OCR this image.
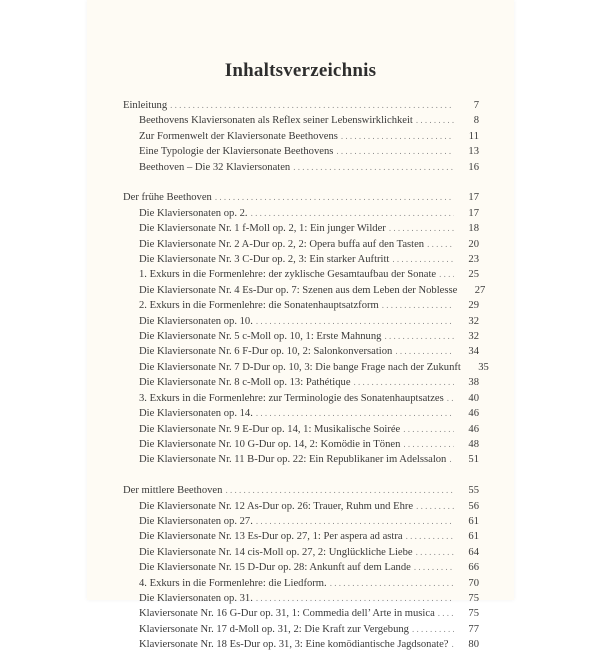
Inhaltsverzeichnis
Einleitung . . .	7
Beethovens Klaviersonaten als Reflex seiner Lebenswirklichkeit . . .	8
Zur Formenwelt der Klaviersonate Beethovens . . .	11
Eine Typologie der Klaviersonate Beethovens . . .	13
Beethoven – Die 32 Klaviersonaten . . .	16
Der frühe Beethoven . . .	17
Die Klaviersonaten op. 2. . . .	17
Die Klaviersonate Nr. 1 f-Moll op. 2, 1: Ein junger Wilder . . .	18
Die Klaviersonate Nr. 2 A-Dur op. 2, 2: Opera buffa auf den Tasten . . .	20
Die Klaviersonate Nr. 3 C-Dur op. 2, 3: Ein starker Auftritt . . .	23
1. Exkurs in die Formenlehre: der zyklische Gesamtaufbau der Sonate . . .	25
Die Klaviersonate Nr. 4 Es-Dur op. 7: Szenen aus dem Leben der Noblesse	27
2. Exkurs in die Formenlehre: die Sonatenhauptsatzform . . .	29
Die Klaviersonaten op. 10. . . .	32
Die Klaviersonate Nr. 5 c-Moll op. 10, 1: Erste Mahnung . . .	32
Die Klaviersonate Nr. 6 F-Dur op. 10, 2: Salonkonversation . . .	34
Die Klaviersonate Nr. 7 D-Dur op. 10, 3: Die bange Frage nach der Zukunft	35
Die Klaviersonate Nr. 8 c-Moll op. 13: Pathétique . . .	38
3. Exkurs in die Formenlehre: zur Terminologie des Sonatenhauptsatzes . . .	40
Die Klaviersonaten op. 14. . . .	46
Die Klaviersonate Nr. 9 E-Dur op. 14, 1: Musikalische Soirée . . .	46
Die Klaviersonate Nr. 10 G-Dur op. 14, 2: Komödie in Tönen . . .	48
Die Klaviersonate Nr. 11 B-Dur op. 22: Ein Republikaner im Adelssalon . . .	51
Der mittlere Beethoven . . .	55
Die Klaviersonate Nr. 12 As-Dur op. 26: Trauer, Ruhm und Ehre . . .	56
Die Klaviersonaten op. 27. . . .	61
Die Klaviersonate Nr. 13 Es-Dur op. 27, 1: Per aspera ad astra . . .	61
Die Klaviersonate Nr. 14 cis-Moll op. 27, 2: Unglückliche Liebe . . .	64
Die Klaviersonate Nr. 15 D-Dur op. 28: Ankunft auf dem Lande . . .	66
4. Exkurs in die Formenlehre: die Liedform. . . .	70
Die Klaviersonaten op. 31. . . .	75
Klaviersonate Nr. 16 G-Dur op. 31, 1: Commedia dell’ Arte in musica . . .	75
Klaviersonate Nr. 17 d-Moll op. 31, 2: Die Kraft zur Vergebung . . .	77
Klaviersonate Nr. 18 Es-Dur op. 31, 3: Eine komödiantische Jagdsonate? . . .	80
